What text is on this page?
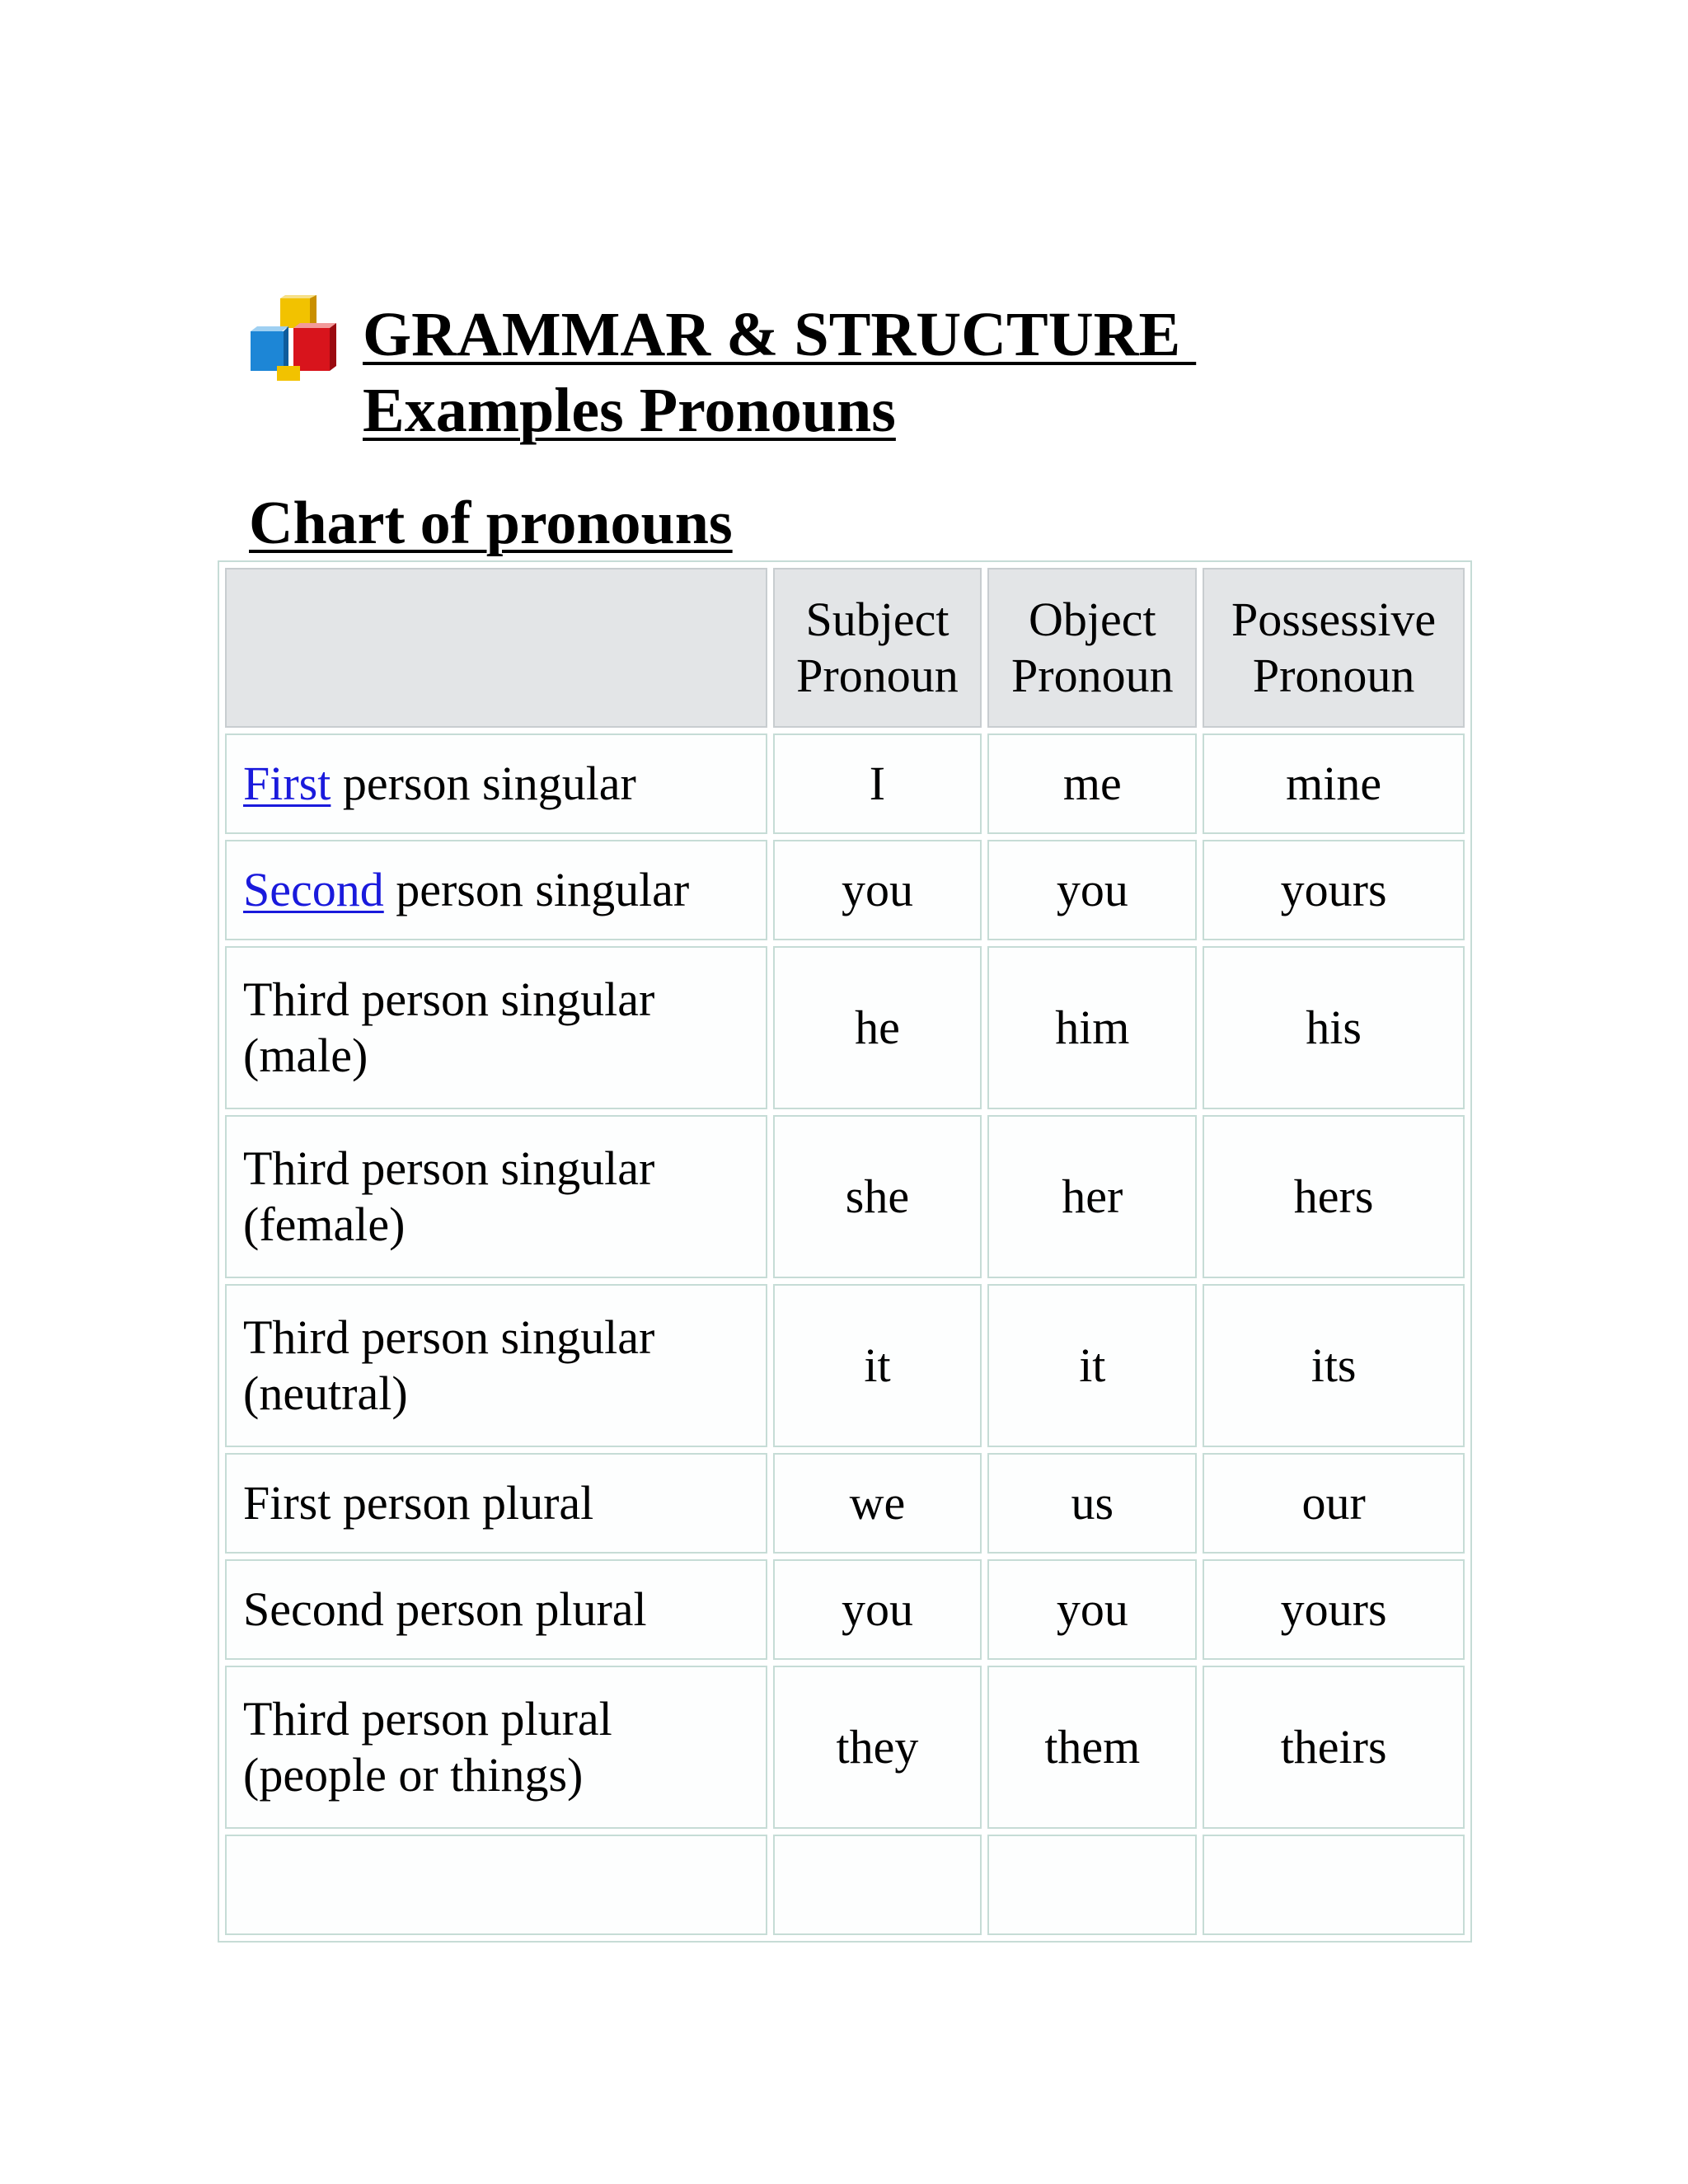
GRAMMAR & STRUCTURE
Examples Pronouns
Chart of pronouns
	Subject Pronoun	Object Pronoun	Possessive Pronoun
First person singular	I	me	mine
Second person singular	you	you	yours
Third person singular (male)	he	him	his
Third person singular (female)	she	her	hers
Third person singular (neutral)	it	it	its
First person plural	we	us	our
Second person plural	you	you	yours
Third person plural (people or things)	they	them	theirs
